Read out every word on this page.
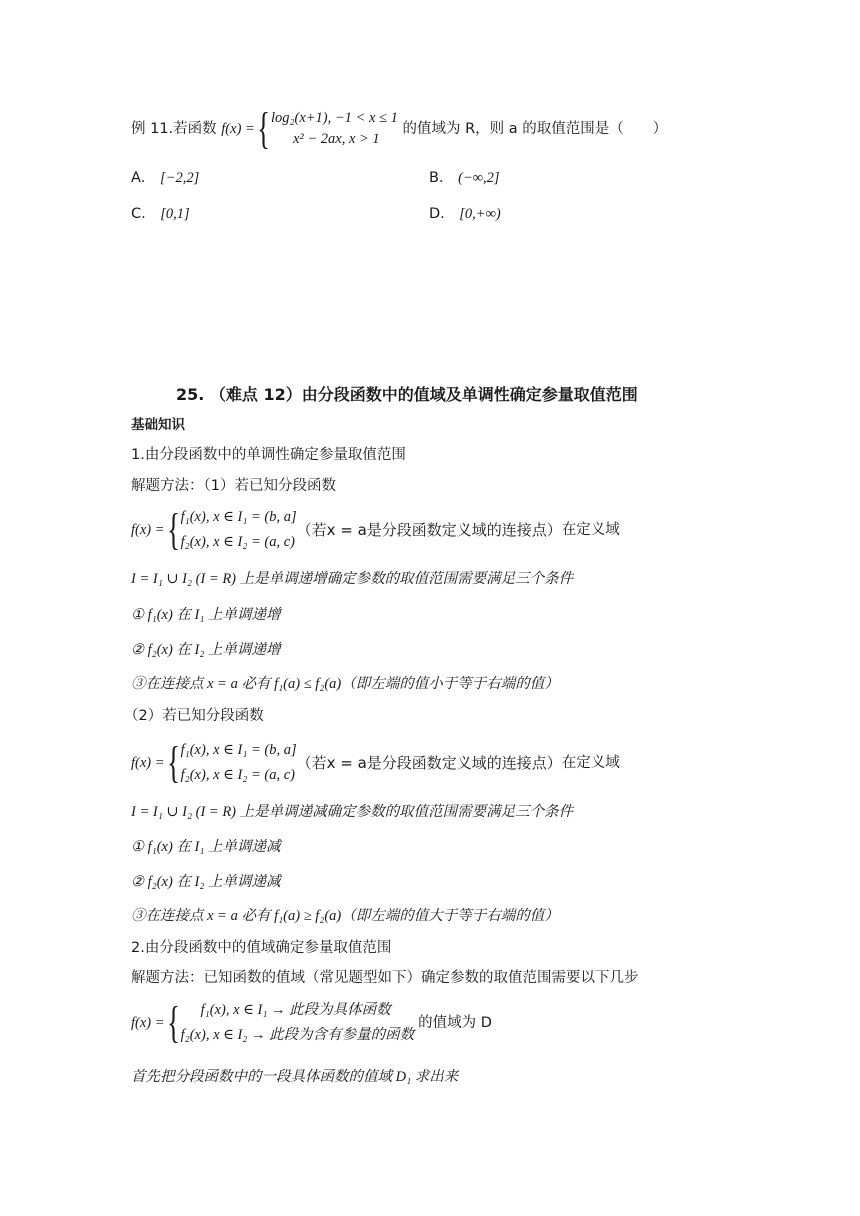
例 11.若函数 f(x) = { log₂(x+1), −1 < x ≤ 1
x² − 2ax, x > 1
的值域为 R，则 a 的取值范围是（　　）
A． [−2,2]	B． (−∞,2]
C． [0,1]	D． [0,+∞)
25. （难点 12）由分段函数中的值域及单调性确定参量取值范围
基础知识
1.由分段函数中的单调性确定参量取值范围
解题方法：（1）若已知分段函数
f(x) = { f₁(x), x ∈ I₁ = (b, a]
f₂(x), x ∈ I₂ = (a, c)
（若x = a是分段函数定义域的连接点） 在定义域
I = I₁ ∪ I₂ (I = R) 上是单调递增确定参数的取值范围需要满足三个条件
① f₁(x) 在 I₁ 上单调递增
② f₂(x) 在 I₂ 上单调递增
③在连接点 x = a 必有 f₁(a) ≤ f₂(a)（即左端的值小于等于右端的值）
（2）若已知分段函数
f(x) = { f₁(x), x ∈ I₁ = (b, a]
f₂(x), x ∈ I₂ = (a, c)
（若x = a是分段函数定义域的连接点） 在定义域
I = I₁ ∪ I₂ (I = R) 上是单调递减确定参数的取值范围需要满足三个条件
① f₁(x) 在 I₁ 上单调递减
② f₂(x) 在 I₂ 上单调递减
③在连接点 x = a 必有 f₁(a) ≥ f₂(a)（即左端的值大于等于右端的值）
2.由分段函数中的值域确定参量取值范围
解题方法：已知函数的值域（常见题型如下）确定参数的取值范围需要以下几步
f(x) = {	f₁(x), x ∈ I₁ → 此段为具体函数
f₂(x), x ∈ I₂ → 此段为含有参量的函数
的值域为 D
首先把分段函数中的一段具体函数的值域 D₁ 求出来
